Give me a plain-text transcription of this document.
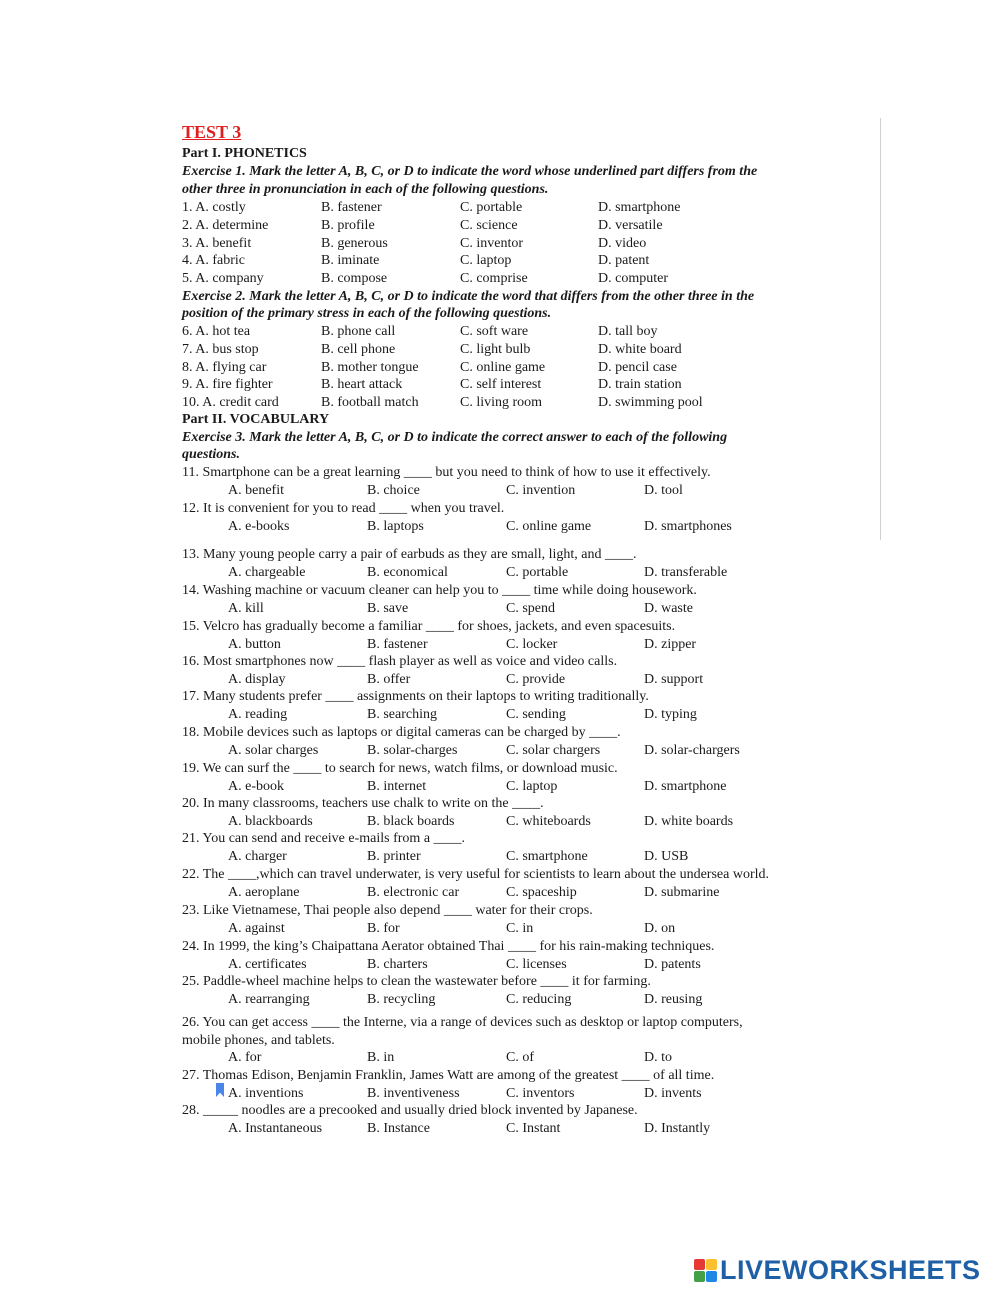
TEST 3
Part I. PHONETICS
Exercise 1. Mark the letter A, B, C, or D to indicate the word whose underlined part differs from the
other three in pronunciation in each of the following questions.
1. A. costly	B. fastener	C. portable	D. smartphone
2. A. determine	B. profile	C. science	D. versatile
3. A. benefit	B. generous	C. inventor	D. video
4. A. fabric	B. iminate	C. laptop	D. patent
5. A. company	B. compose	C. comprise	D. computer
Exercise 2. Mark the letter A, B, C, or D to indicate the word that differs from the other three in the
position of the primary stress in each of the following questions.
6. A. hot tea	B. phone call	C. soft ware	D. tall boy
7. A. bus stop	B. cell phone	C. light bulb	D. white board
8. A. flying car	B. mother tongue	C. online game	D. pencil case
9. A. fire fighter	B. heart attack	C. self interest	D. train station
10. A. credit card	B. football match	C. living room	D. swimming pool
Part II. VOCABULARY
Exercise 3. Mark the letter A, B, C, or D to indicate the correct answer to each of the following
questions.
11. Smartphone can be a great learning ____ but you need to think of how to use it effectively.
A. benefit	B. choice	C. invention	D. tool
12. It is convenient for you to read ____ when you travel.
A. e-books	B. laptops	C. online game	D. smartphones
13. Many young people carry a pair of earbuds as they are small, light, and ____.
A. chargeable	B. economical	C. portable	D. transferable
14. Washing machine or vacuum cleaner can help you to ____ time while doing housework.
A. kill	B. save	C. spend	D. waste
15. Velcro has gradually become a familiar ____ for shoes, jackets, and even spacesuits.
A. button	B. fastener	C. locker	D. zipper
16. Most smartphones now ____ flash player as well as voice and video calls.
A. display	B. offer	C. provide	D. support
17. Many students prefer ____ assignments on their laptops to writing traditionally.
A. reading	B. searching	C. sending	D. typing
18. Mobile devices such as laptops or digital cameras can be charged by ____.
A. solar charges	B. solar-charges	C. solar chargers	D. solar-chargers
19. We can surf the ____ to search for news, watch films, or download music.
A. e-book	B. internet	C. laptop	D. smartphone
20. In many classrooms, teachers use chalk to write on the ____.
A. blackboards	B. black boards	C. whiteboards	D. white boards
21. You can send and receive e-mails from a ____.
A. charger	B. printer	C. smartphone	D. USB
22. The ____,which can travel underwater, is very useful for scientists to learn about the undersea world.
A. aeroplane	B. electronic car	C. spaceship	D. submarine
23. Like Vietnamese, Thai people also depend ____ water for their crops.
A. against	B. for	C. in	D. on
24. In 1999, the king’s Chaipattana Aerator obtained Thai ____ for his rain-making techniques.
A. certificates	B. charters	C. licenses	D. patents
25. Paddle-wheel machine helps to clean the wastewater before ____ it for farming.
A. rearranging	B. recycling	C. reducing	D. reusing
26. You can get access ____ the Interne, via a range of devices such as desktop or laptop computers,
mobile phones, and tablets.
A. for	B. in	C. of	D. to
27. Thomas Edison, Benjamin Franklin, James Watt are among of the greatest ____ of all time.
A. inventions	B. inventiveness	C. inventors	D. invents
28. _____ noodles are a precooked and usually dried block invented by Japanese.
A. Instantaneous	B. Instance	C. Instant	D. Instantly
LIVEWORKSHEETS
